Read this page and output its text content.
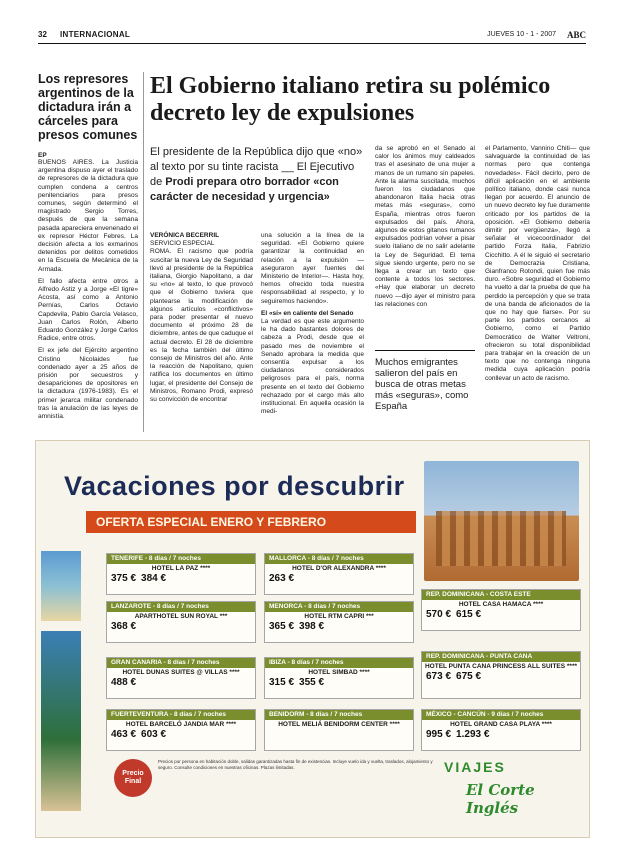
32 INTERNACIONAL	JUEVES 10 - 1 - 2007 ABC
Los represores argentinos de la dictadura irán a cárceles para presos comunes
EP

BUENOS AIRES. La Justicia argentina dispuso ayer el traslado de represores de la dictadura que cumplen condena a centros penitenciarios para presos comunes, según determinó el magistrado Sergio Torres, después de que la semana pasada apareciera envenenado el ex represor Héctor Febres. La decisión afecta a los exmarinos detenidos por delitos cometidos en la Escuela de Mecánica de la Armada.

El fallo afecta entre otros a Alfredo Astiz y a Jorge «El tigre» Acosta, así como a Antonio Pernías, Carlos Octavio Capdevila, Pablo García Velasco, Juan Carlos Rolón, Alberto Eduardo González y Jorge Carlos Radice, entre otros.

El ex jefe del Ejército argentino Cristino Nicolaides fue condenado ayer a 25 años de prisión por secuestros y desapariciones de opositores en la dictadura (1976-1983). Es el primer jerarca militar condenado tras la anulación de las leyes de amnistía.

El Gobierno italiano retira su polémico decreto ley de expulsiones
El presidente de la República dijo que «no» al texto por su tinte racista __ El Ejecutivo de Prodi prepara otro borrador «con carácter de necesidad y urgencia»

VERÓNICA BECERRIL

SERVICIO ESPECIAL

ROMA. El racismo que podría suscitar la nueva Ley de Seguridad llevó al presidente de la República italiana, Giorgio Napolitano, a dar su «no» al texto, lo que provocó que el Gobierno tuviera que plantearse la modificación de algunos artículos «conflictivos» para poder presentar el nuevo documento el próximo 28 de diciembre, antes de que caduque el actual decreto. El 28 de diciembre es la fecha también del último consejo de Ministros del año. Ante la reacción de Napolitano, quien ratifica los documentos en último lugar, el presidente del Consejo de Ministros, Romano Prodi, expresó su convicción de encontrar

una solución a la línea de la seguridad. «El Gobierno quiere garantizar la continuidad en relación a la expulsión —aseguraron ayer fuentes del Ministerio de Interior—. Hasta hoy, hemos ofrecido toda nuestra responsabilidad al respecto, y lo seguiremos haciendo».

El «sí» en caliente del Senado

La verdad es que este argumento le ha dado bastantes dolores de cabeza a Prodi, desde que el pasado mes de noviembre el Senado aprobara la medida que consentía expulsar a los ciudadanos considerados peligrosos para el país, norma presente en el texto del Gobierno rechazado por el cargo más alto institucional. En aquella ocasión la medi-

da se aprobó en el Senado al calor los ánimos muy caldeados tras el asesinato de una mujer a manos de un rumano sin papeles. Ante la alarma suscitada, muchos fueron los ciudadanos que abandonaron Italia hacia otras metas más «seguras», como España, mientras otros fueron expulsados del país. Ahora, algunos de estos gitanos rumanos expulsados podrían volver a pisar suelo italiano de no salir adelante la Ley de Seguridad. El tema sigue siendo urgente, pero no se llega a crear un texto que contente a todos los sectores. «Hay que elaborar un decreto nuevo —dijo ayer el ministro para las relaciones con

Muchos emigrantes salieron del país en busca de otras metas más «seguras», como España

el Parlamento, Vannino Chiti— que salvaguarde la continuidad de las normas pero que contenga novedades». Fácil decirlo, pero de difícil aplicación en el ambiente político italiano, donde casi nunca llegan por acuerdo. El anuncio de un nuevo decreto ley fue duramente criticado por los partidos de la oposición. «El Gobierno debería dimitir por vergüenza», llegó a señalar el vicecoordinador del partido Forza Italia, Fabrizio Cicchitto. A él le siguió el secretario de Democrazia Cristiana, Gianfranco Rotondi, quien fue más duro. «Sobre seguridad el Gobierno ha vuelto a dar la prueba de que ha perdido la percepción y que se trata de una banda de aficionados de la que no hay que fiarse». Por su parte los partidos cercanos al Gobierno, como el Partido Democrático de Walter Veltroni, ofrecieron su total disponibilidad para trabajar en la creación de un texto que no contenga ninguna medida cuya aplicación podría conllevar un acto de racismo.

Vacaciones por descubrir
OFERTA ESPECIAL ENERO Y FEBRERO
TENERIFE - 8 días / 7 noches
HOTEL LA PAZ ****
375 € 384 €
MALLORCA - 8 días / 7 noches
HOTEL D'OR ALEXANDRA ****
263 €
LANZAROTE - 8 días / 7 noches
APARTHOTEL SUN ROYAL ***
368 €
MENORCA - 8 días / 7 noches
HOTEL RTM CAPRI ***
365 € 398 €
REP. DOMINICANA - COSTA ESTE
HOTEL CASA HAMACA ****
570 € 615 €
GRAN CANARIA - 8 días / 7 noches
HOTEL DUNAS SUITES @ VILLAS ****
488 €
IBIZA - 8 días / 7 noches
HOTEL SIMBAD ****
315 € 355 €
REP. DOMINICANA - PUNTA CANA
HOTEL PUNTA CANA PRINCESS ALL SUITES ****
673 € 675 €
FUERTEVENTURA - 8 días / 7 noches
HOTEL BARCELÓ JANDIA MAR ****
463 € 603 €
BENIDORM - 8 días / 7 noches
HOTEL MELIÁ BENIDORM CENTER ****
MÉXICO - CANCÚN - 9 días / 7 noches
HOTEL GRAND CASA PLAYA ****
995 € 1.293 €
Precio Final
Precios por persona en habitación doble, salidas garantizadas hasta fin de existencias. Incluye vuelo ida y vuelta, traslados, alojamiento y seguro. Consulte condiciones en nuestras oficinas. Plazas limitadas.	VIAJES
El Corte Inglés
